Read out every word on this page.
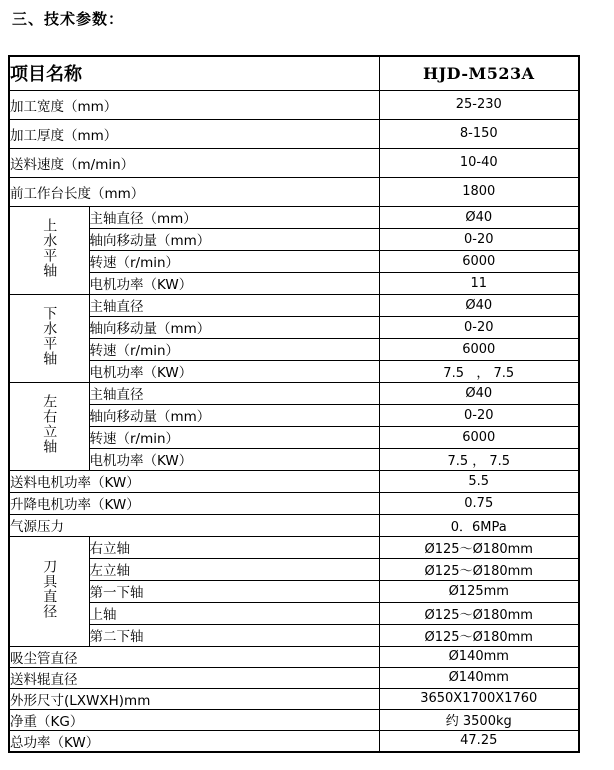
三、技术参数：
项目名称		HJD-M523A
加工宽度（mm）		25-230
加工厚度（mm）		8-150
送料速度（m/min）		10-40
前工作台长度（mm）		1800
上水平轴	主轴直径（mm）	Ø40
	轴向移动量（mm）	0-20
	转速（r/min）	6000
	电机功率（KW）	11
下水平轴	主轴直径	Ø40
	轴向移动量（mm）	0-20
	转速（r/min）	6000
	电机功率（KW）	7.5   ， 7.5
左右立轴	主轴直径	Ø40
	轴向移动量（mm）	0-20
	转速（r/min）	6000
	电机功率（KW）	7.5 ， 7.5
送料电机功率（KW）		5.5
升降电机功率（KW）		0.75
气源压力		0．6MPa
刀具直径	右立轴	Ø125～Ø180mm
	左立轴	Ø125～Ø180mm
	第一下轴	Ø125mm
	上轴	Ø125～Ø180mm
	第二下轴	Ø125～Ø180mm
吸尘管直径		Ø140mm
送料辊直径		Ø140mm
外形尺寸(LXWXH)mm		3650X1700X1760
净重（KG）		约 3500kg
总功率（KW）		47.25
